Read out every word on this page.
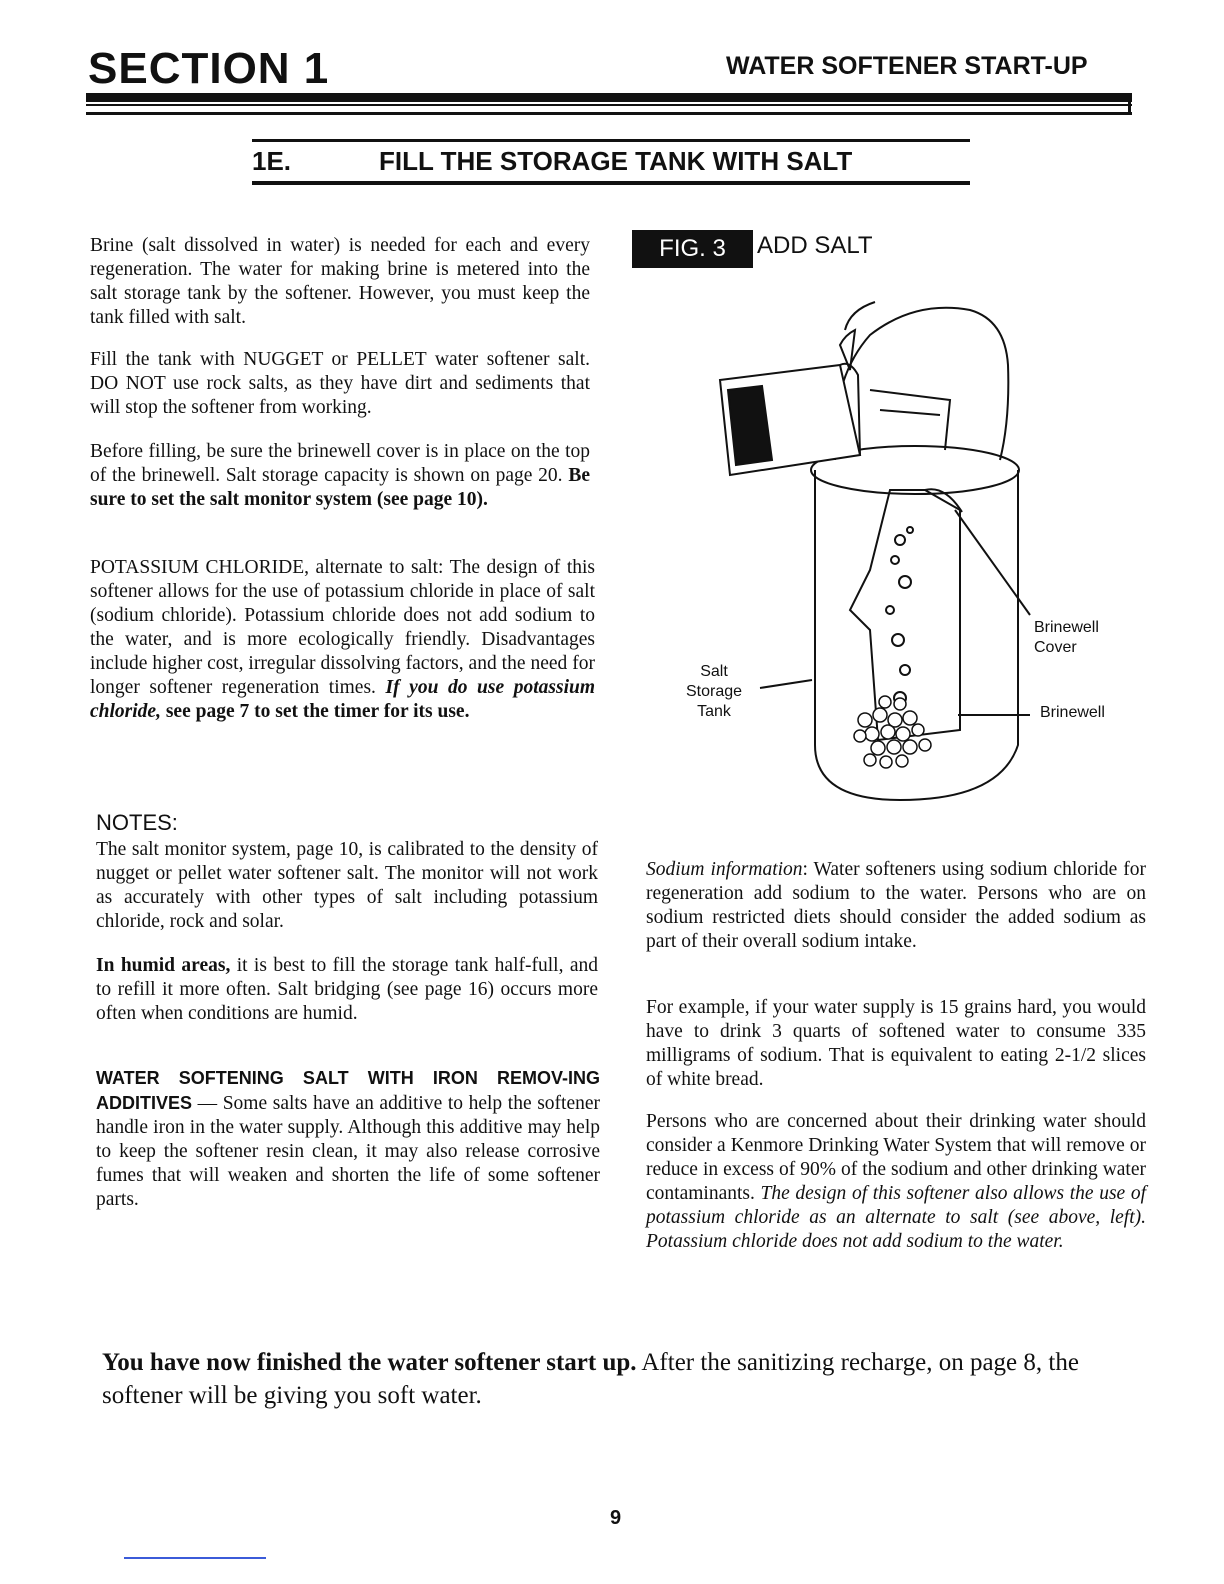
SECTION 1	WATER SOFTENER START-UP
1E.	FILL THE STORAGE TANK WITH SALT
Brine (salt dissolved in water) is needed for each and every regeneration. The water for making brine is metered into the salt storage tank by the softener. However, you must keep the tank filled with salt.
Fill the tank with NUGGET or PELLET water softener salt. DO NOT use rock salts, as they have dirt and sediments that will stop the softener from working.
Before filling, be sure the brinewell cover is in place on the top of the brinewell. Salt storage capacity is shown on page 20. Be sure to set the salt monitor system (see page 10).
POTASSIUM CHLORIDE, alternate to salt: The design of this softener allows for the use of potassium chloride in place of salt (sodium chloride). Potassium chloride does not add sodium to the water, and is more ecologically friendly. Disadvantages include higher cost, irregular dissolving factors, and the need for longer softener regeneration times. If you do use potassium chloride, see page 7 to set the timer for its use.
FIG. 3	ADD SALT
Salt
Storage
Tank
Brinewell
Cover
Brinewell
NOTES:
The salt monitor system, page 10, is calibrated to the density of nugget or pellet water softener salt. The monitor will not work as accurately with other types of salt including potassium chloride, rock and solar.
In humid areas, it is best to fill the storage tank half-full, and to refill it more often. Salt bridging (see page 16) occurs more often when conditions are humid.
WATER SOFTENING SALT WITH IRON REMOV-ING ADDITIVES — Some salts have an additive to help the softener handle iron in the water supply. Although this additive may help to keep the softener resin clean, it may also release corrosive fumes that will weaken and shorten the life of some softener parts.
Sodium information: Water softeners using sodium chloride for regeneration add sodium to the water. Persons who are on sodium restricted diets should consider the added sodium as part of their overall sodium intake.
For example, if your water supply is 15 grains hard, you would have to drink 3 quarts of softened water to consume 335 milligrams of sodium. That is equivalent to eating 2-1/2 slices of white bread.
Persons who are concerned about their drinking water should consider a Kenmore Drinking Water System that will remove or reduce in excess of 90% of the sodium and other drinking water contaminants. The design of this softener also allows the use of potassium chloride as an alternate to salt (see above, left). Potassium chloride does not add sodium to the water.
You have now finished the water softener start up. After the sanitizing recharge, on page 8, the softener will be giving you soft water.
9
